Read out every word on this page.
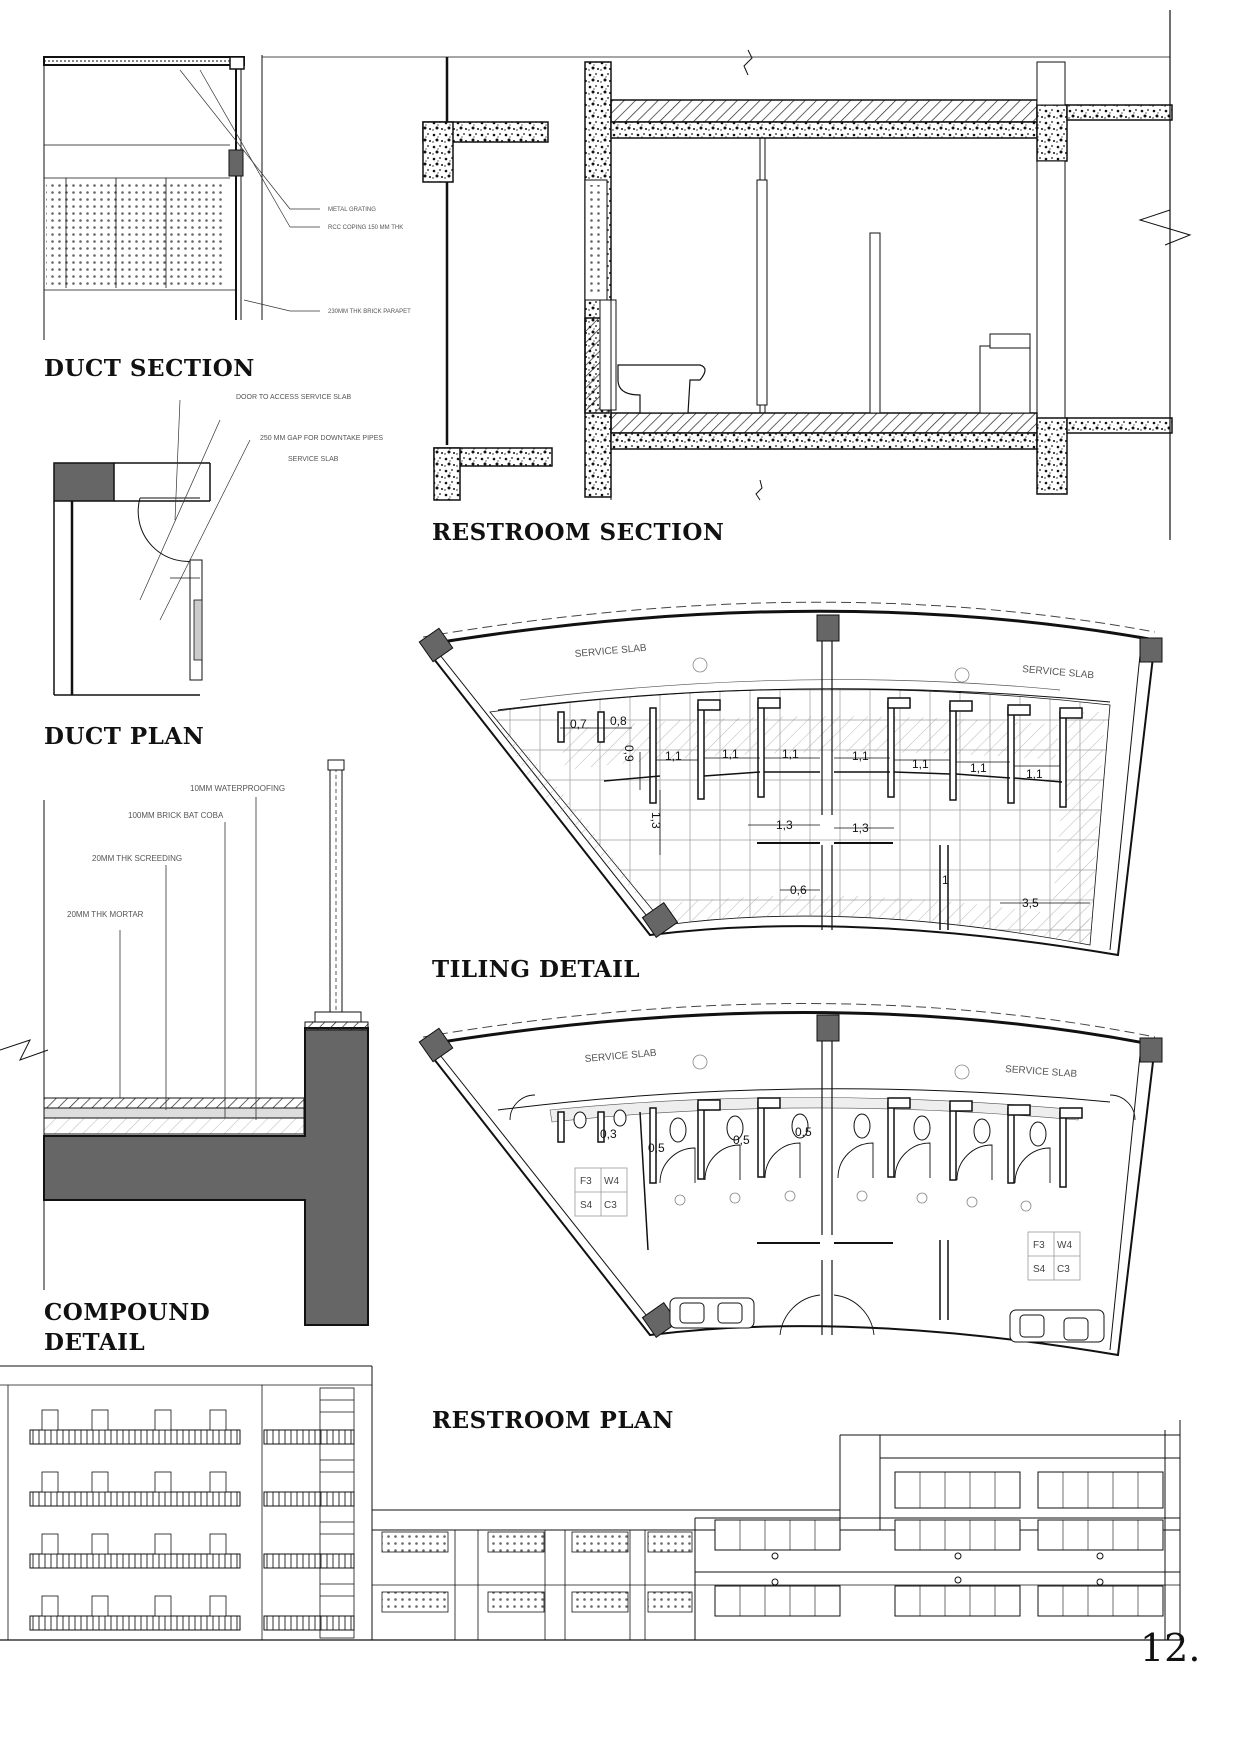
METAL GRATING
RCC COPING 150 MM THK
230MM THK BRICK PARAPET
DOOR TO ACCESS SERVICE SLAB
250 MM GAP FOR DOWNTAKE PIPES
SERVICE SLAB
20MM THK MORTAR
20MM THK SCREEDING
100MM BRICK BAT COBA
10MM WATERPROOFING
SERVICE SLAB
SERVICE SLAB
0,7 0,8
0,9 1,1	1,1	1,1	1,1
1,1	1,1	1,1
1,3	1,3	1,3
0,6
3,5
1
SERVICE SLAB
SERVICE SLAB
0,3
0,5
0,5
0,5
F3 W4
S4 C3
F3 W4
S4 C3
DUCT SECTION
DUCT PLAN
COMPOUND DETAIL
RESTROOM SECTION
TILING DETAIL
RESTROOM PLAN
12.
